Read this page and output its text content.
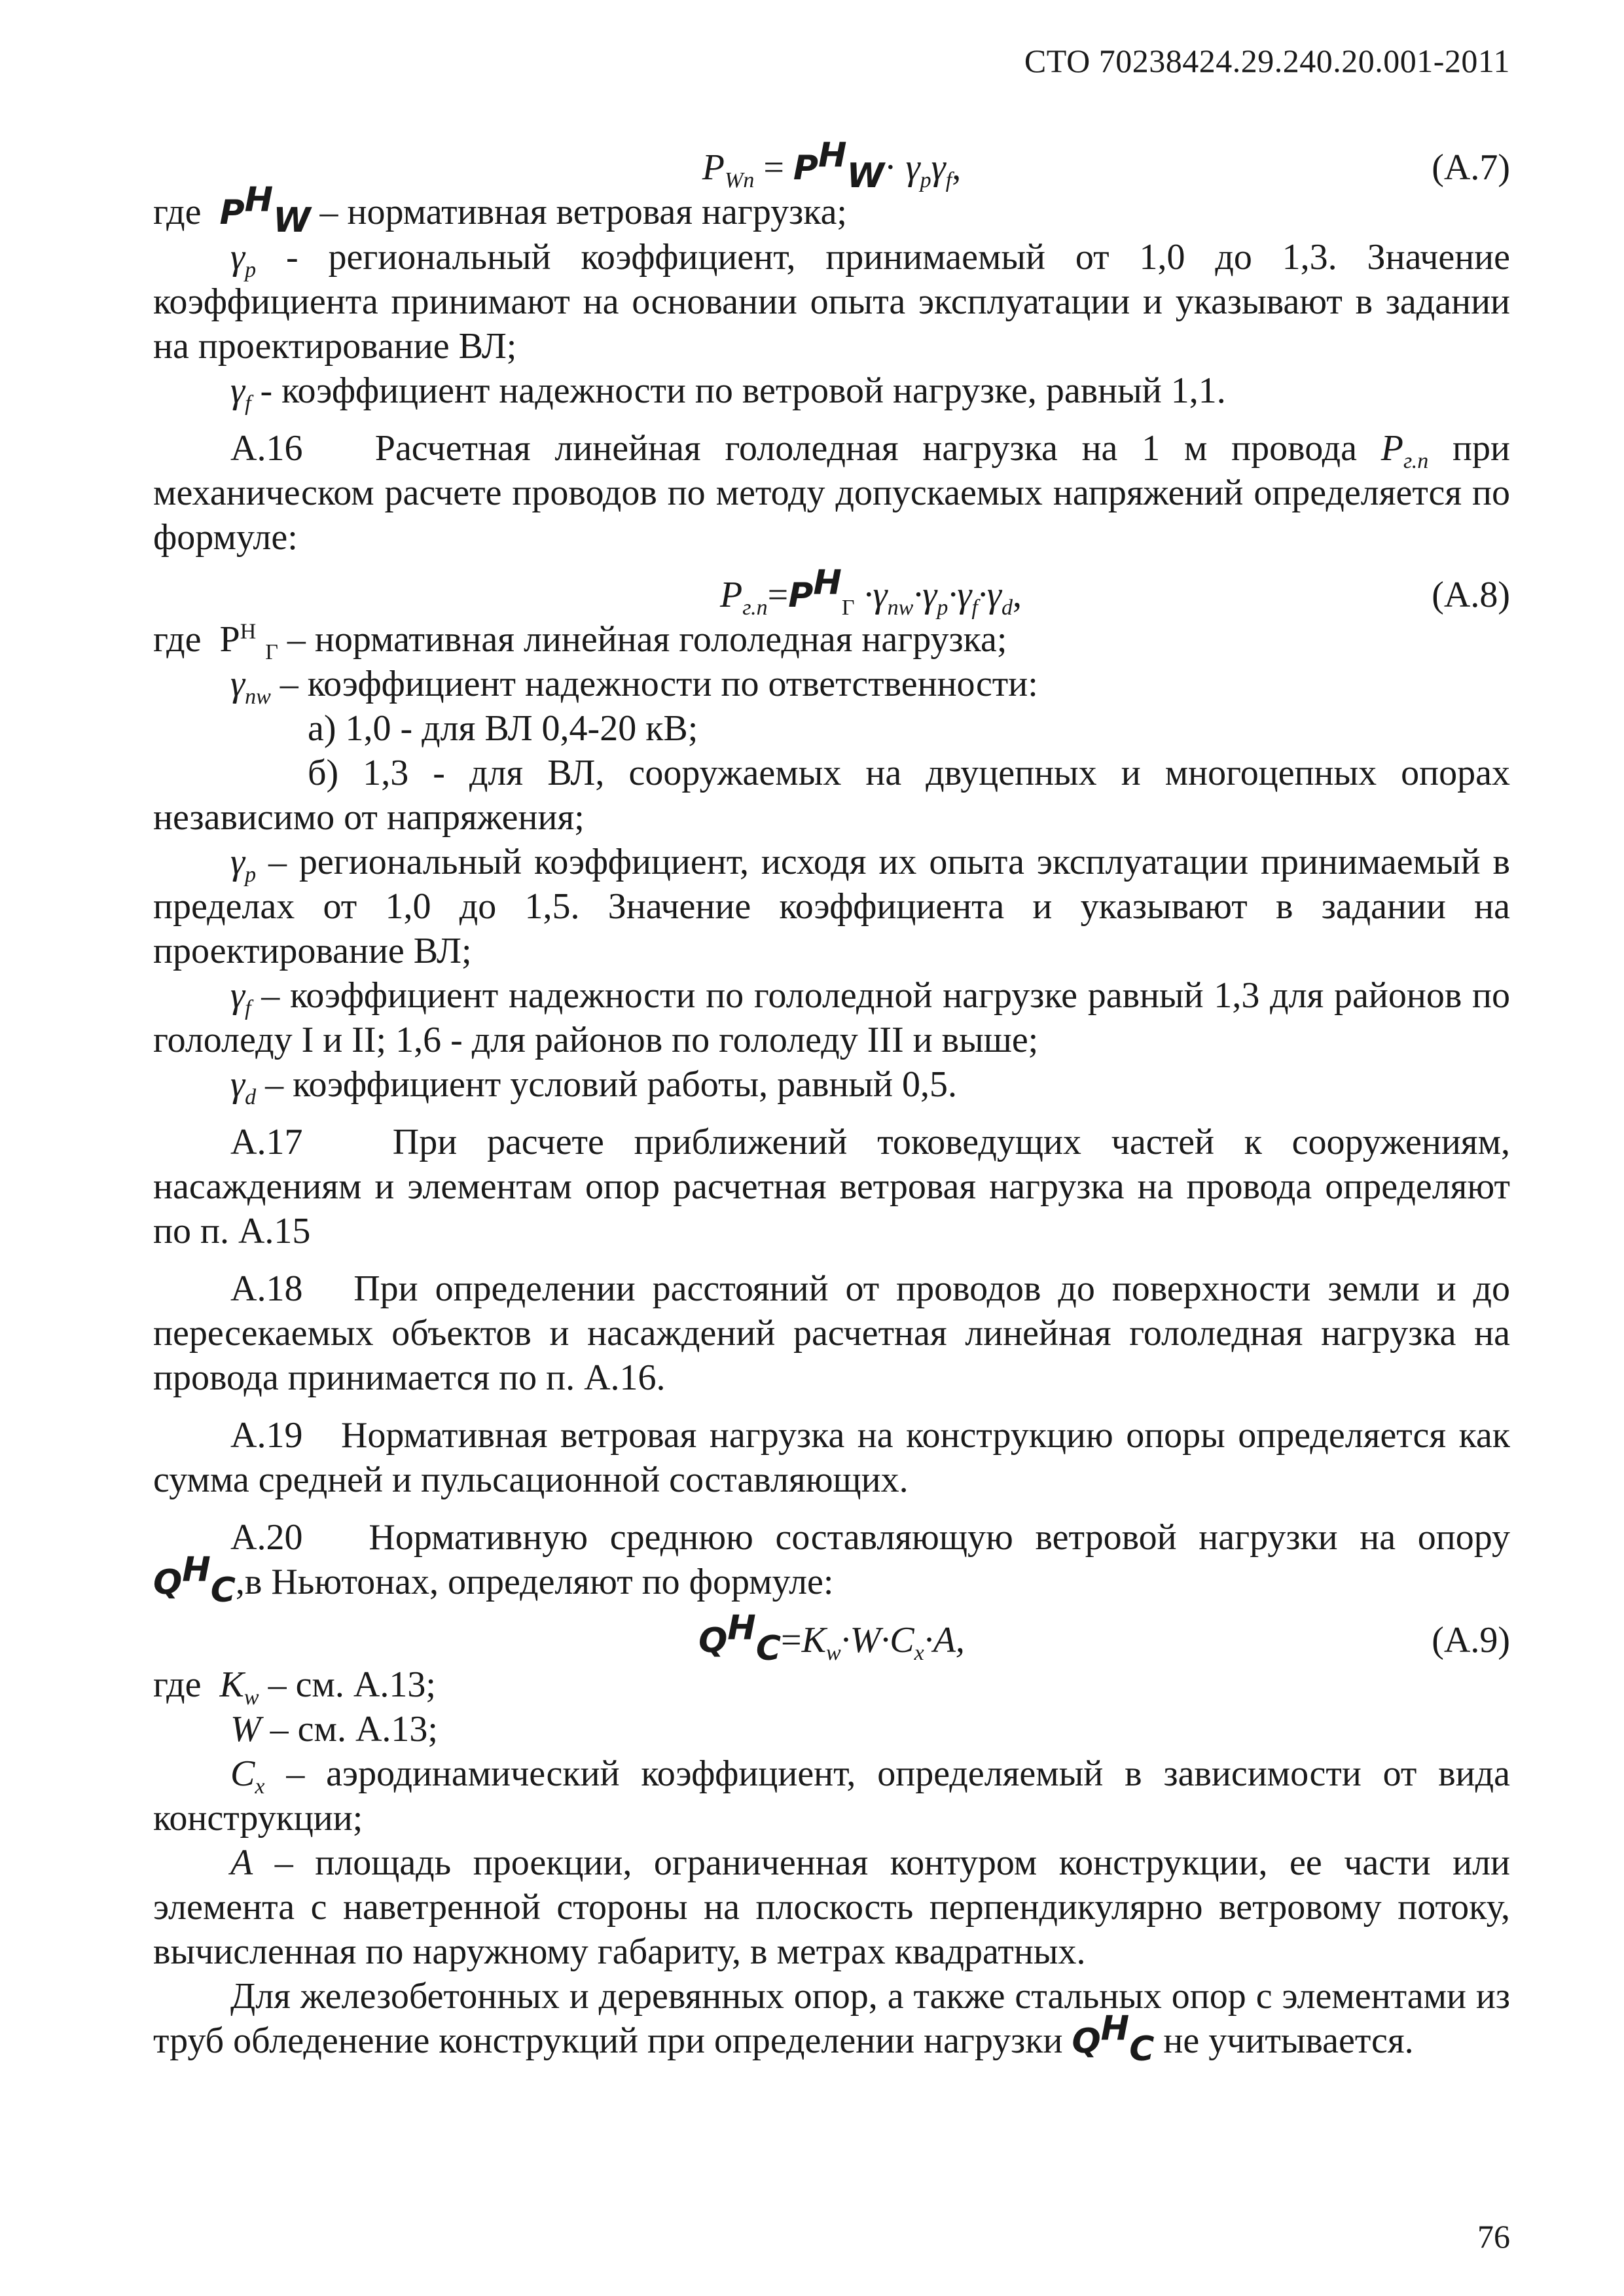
СТО 70238424.29.240.20.001-2011
$P_{Wn} = P^H_W\cdot \gamma_p\gamma_f$,	(А.7)

где $P^H_W$ – нормативная ветровая нагрузка;

$\gamma_p$ - региональный коэффициент, принимаемый от 1,0 до 1,3. Значение коэффициента принимают на основании опыта эксплуатации и указывают в задании на проектирование ВЛ;

$\gamma_f$ - коэффициент надежности по ветровой нагрузке, равный 1,1.

А.16 Расчетная линейная гололедная нагрузка на 1 м провода $P_{г.п}$ при механическом расчете проводов по методу допускаемых напряжений определяется по формуле:

$P_{г.п}=P^H_Г \cdot\gamma_{nw}\cdot\gamma_p\cdot\gamma_f\cdot\gamma_d$,	(А.8)

где $Р^Н$ $_Г$ – нормативная линейная гололедная нагрузка;

$\gamma_{nw}$ – коэффициент надежности по ответственности:

а) 1,0 - для ВЛ 0,4-20 кВ;

б) 1,3 - для ВЛ, сооружаемых на двуцепных и многоцепных опорах независимо от напряжения;

$\gamma_p$ – региональный коэффициент, исходя их опыта эксплуатации принимаемый в пределах от 1,0 до 1,5. Значение коэффициента и указывают в задании на проектирование ВЛ;

$\gamma_f$ – коэффициент надежности по гололедной нагрузке равный 1,3 для районов по гололеду I и II; 1,6 - для районов по гололеду III и выше;

$\gamma_d$ – коэффициент условий работы, равный 0,5.

А.17 При расчете приближений токоведущих частей к сооружениям, насаждениям и элементам опор расчетная ветровая нагрузка на провода определяют по п. А.15

А.18 При определении расстояний от проводов до поверхности земли и до пересекаемых объектов и насаждений расчетная линейная гололедная нагрузка на провода принимается по п. А.16.

А.19 Нормативная ветровая нагрузка на конструкцию опоры определяется как сумма средней и пульсационной составляющих.

А.20 Нормативную среднюю составляющую ветровой нагрузки на опору $Q^H_C,в$ Ньютонах, определяют по формуле:

$Q^H_C=K_w\cdot W\cdot C_x\cdot A$,	(А.9)

где $K_w$ – см. А.13;

W – см. А.13;

$C_x$ – аэродинамический коэффициент, определяемый в зависимости от вида конструкции;

A – площадь проекции, ограниченная контуром конструкции, ее части или элемента с наветренной стороны на плоскость перпендикулярно ветровому потоку, вычисленная по наружному габариту, в метрах квадратных.

Для железобетонных и деревянных опор, а также стальных опор с элементами из труб обледенение конструкций при определении нагрузки $Q^H_C$ не учитывается.

76
